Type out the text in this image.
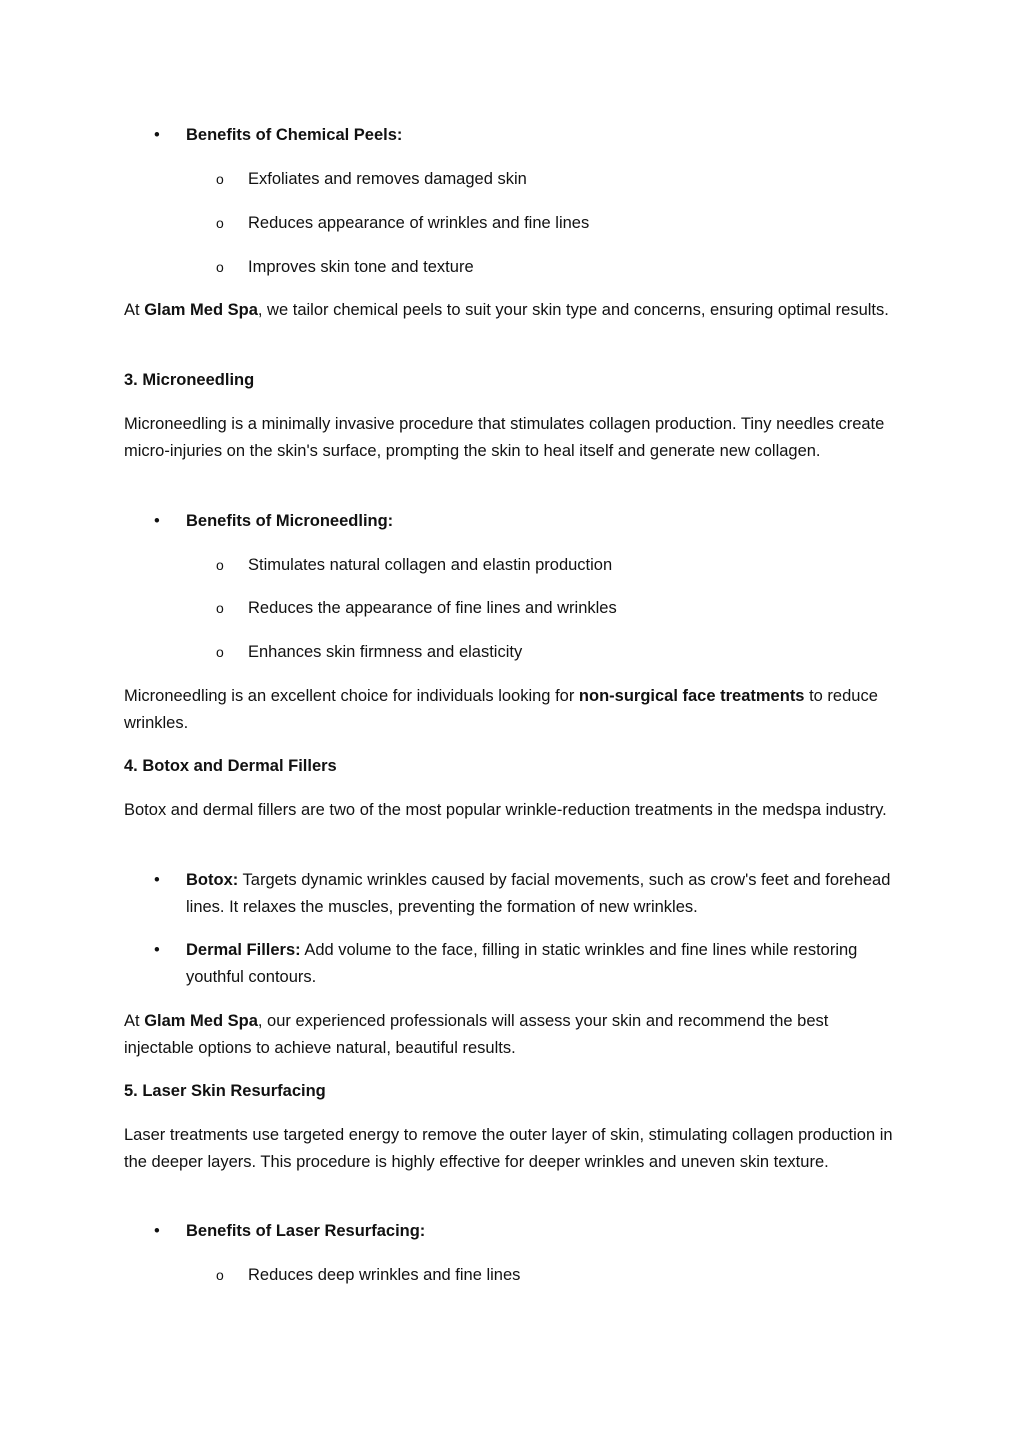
•	Benefits of Chemical Peels:
o Exfoliates and removes damaged skin
o Reduces appearance of wrinkles and fine lines
o Improves skin tone and texture
At Glam Med Spa, we tailor chemical peels to suit your skin type and concerns, ensuring optimal results.
3. Microneedling
Microneedling is a minimally invasive procedure that stimulates collagen production. Tiny needles create micro-injuries on the skin's surface, prompting the skin to heal itself and generate new collagen.
•	Benefits of Microneedling:
o Stimulates natural collagen and elastin production
o Reduces the appearance of fine lines and wrinkles
o Enhances skin firmness and elasticity
Microneedling is an excellent choice for individuals looking for non-surgical face treatments to reduce wrinkles.
4. Botox and Dermal Fillers
Botox and dermal fillers are two of the most popular wrinkle-reduction treatments in the medspa industry.
•	Botox: Targets dynamic wrinkles caused by facial movements, such as crow's feet and forehead lines. It relaxes the muscles, preventing the formation of new wrinkles.
•	Dermal Fillers: Add volume to the face, filling in static wrinkles and fine lines while restoring youthful contours.
At Glam Med Spa, our experienced professionals will assess your skin and recommend the best injectable options to achieve natural, beautiful results.
5. Laser Skin Resurfacing
Laser treatments use targeted energy to remove the outer layer of skin, stimulating collagen production in the deeper layers. This procedure is highly effective for deeper wrinkles and uneven skin texture.
•	Benefits of Laser Resurfacing:
o Reduces deep wrinkles and fine lines
